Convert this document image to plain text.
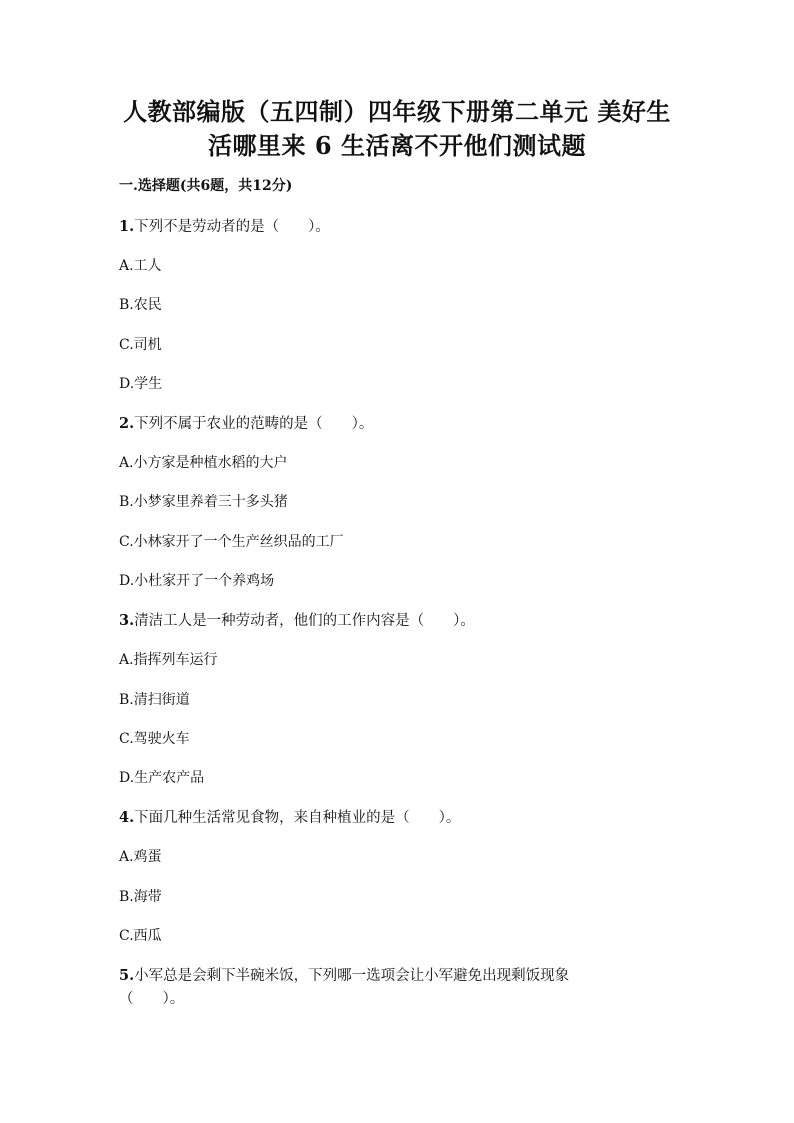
人教部编版（五四制）四年级下册第二单元 美好生
活哪里来 6 生活离不开他们测试题
一.选择题(共6题，共12分)
1.下列不是劳动者的是（　　）。
A.工人
B.农民
C.司机
D.学生
2.下列不属于农业的范畴的是（　　）。
A.小方家是种植水稻的大户
B.小梦家里养着三十多头猪
C.小林家开了一个生产丝织品的工厂
D.小杜家开了一个养鸡场
3.清洁工人是一种劳动者，他们的工作内容是（　　）。
A.指挥列车运行
B.清扫街道
C.驾驶火车
D.生产农产品
4.下面几种生活常见食物，来自种植业的是（　　）。
A.鸡蛋
B.海带
C.西瓜
5.小军总是会剩下半碗米饭，下列哪一选项会让小军避免出现剩饭现象
（　　）。
